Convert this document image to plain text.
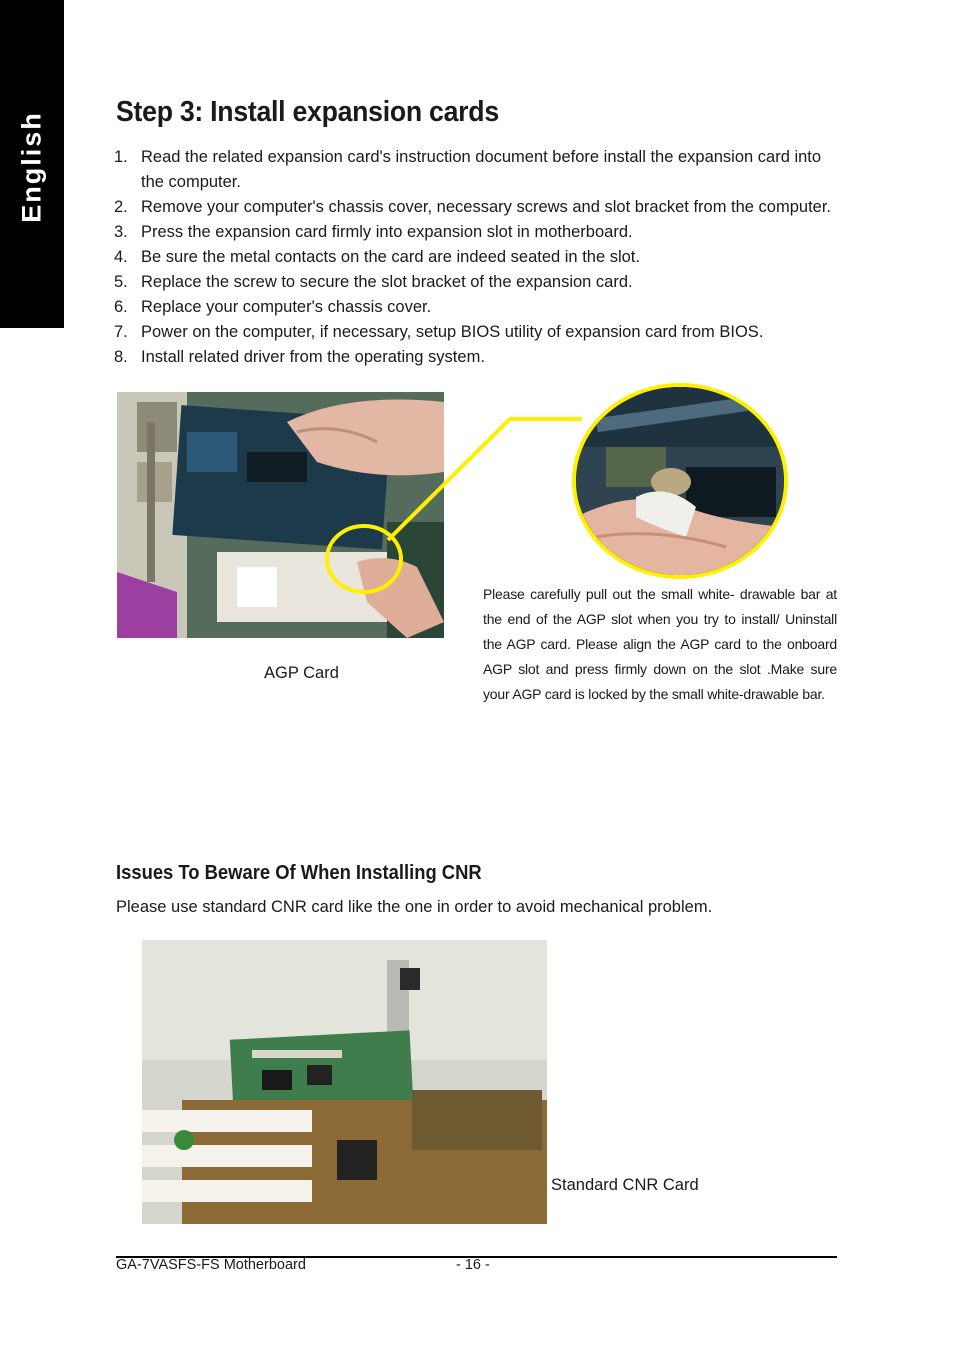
English Step 3: Install expansion cards
1. Read the related expansion card's instruction document before install the expansion card into the computer.
2. Remove your computer's chassis cover, necessary screws and slot bracket from the computer.
3. Press the expansion card firmly into expansion slot in motherboard.
4. Be sure the metal contacts on the card are indeed seated in the slot.
5. Replace the screw to secure the slot bracket of the expansion card.
6. Replace your computer's chassis cover.
7. Power on the computer, if necessary, setup BIOS utility of expansion card from BIOS.
8. Install related driver from the operating system.
AGP Card

Please carefully pull out the small white- drawable bar at the end of the AGP slot when you try to install/ Uninstall the AGP card. Please align the AGP card to the onboard AGP slot and press firmly down on the slot .Make sure your AGP card is locked by the small white-drawable bar.

Issues To Beware Of When Installing CNR

Please use standard CNR card like the one in order to avoid mechanical problem.

Standard CNR Card
GA-7VASFS-FS Motherboard	- 16 -
